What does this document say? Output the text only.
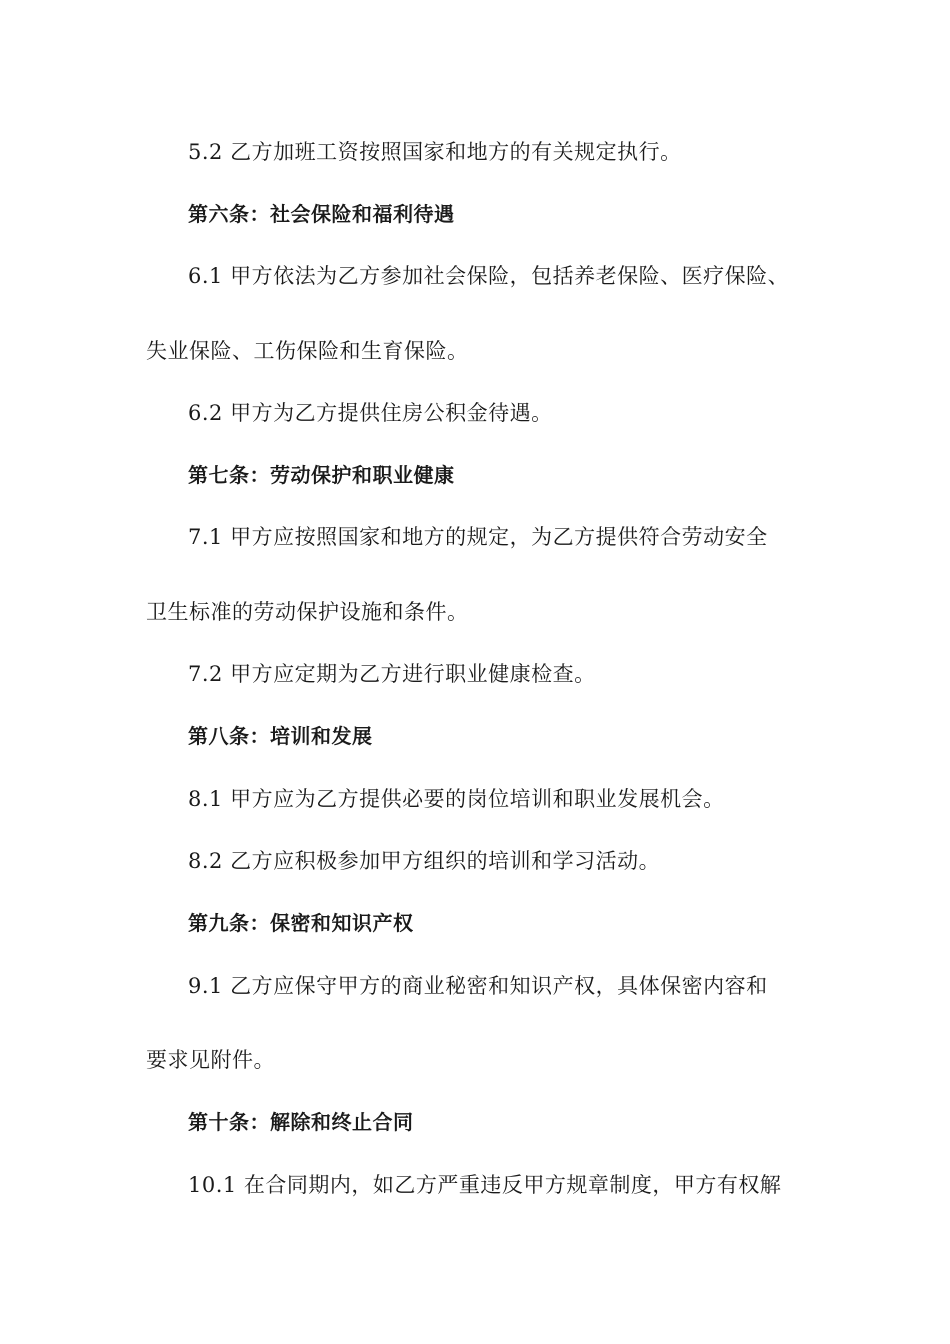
5.2 乙方加班工资按照国家和地方的有关规定执行。
第六条：社会保险和福利待遇
6.1 甲方依法为乙方参加社会保险，包括养老保险、医疗保险、
失业保险、工伤保险和生育保险。
6.2 甲方为乙方提供住房公积金待遇。
第七条：劳动保护和职业健康
7.1 甲方应按照国家和地方的规定，为乙方提供符合劳动安全
卫生标准的劳动保护设施和条件。
7.2 甲方应定期为乙方进行职业健康检查。
第八条：培训和发展
8.1 甲方应为乙方提供必要的岗位培训和职业发展机会。
8.2 乙方应积极参加甲方组织的培训和学习活动。
第九条：保密和知识产权
9.1 乙方应保守甲方的商业秘密和知识产权，具体保密内容和
要求见附件。
第十条：解除和终止合同
10.1 在合同期内，如乙方严重违反甲方规章制度，甲方有权解
